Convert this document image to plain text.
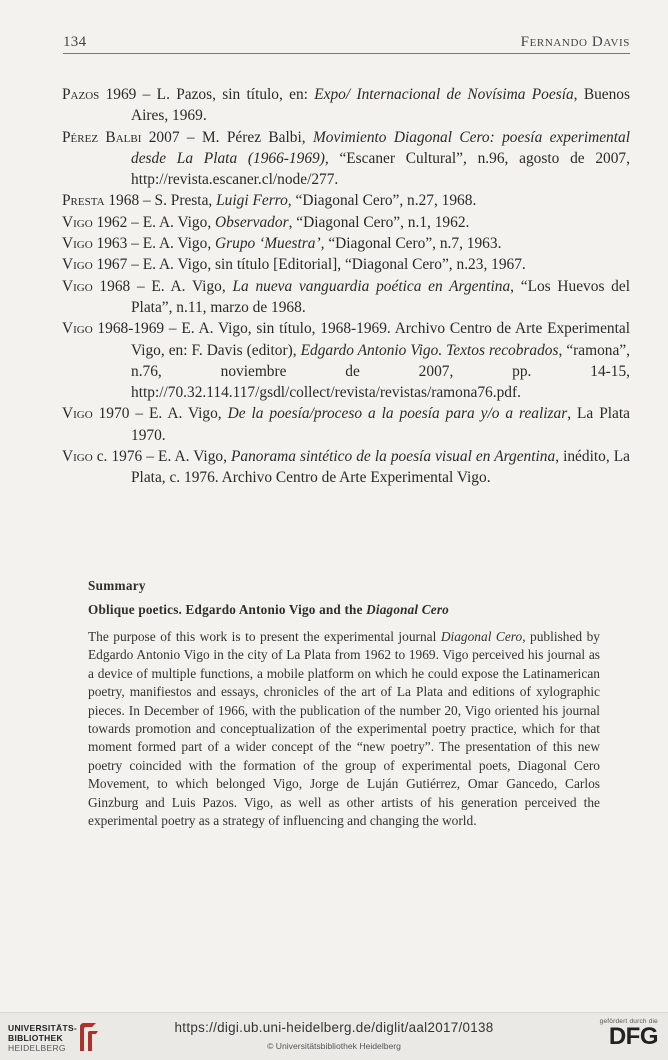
134	Fernando Davis

Pazos 1969 – L. Pazos, sin título, en: Expo/ Internacional de Novísima Poesía, Buenos Aires, 1969.

Pérez Balbi 2007 – M. Pérez Balbi, Movimiento Diagonal Cero: poesía experimental desde La Plata (1966-1969), “Escaner Cultural”, n.96, agosto de 2007, http://revista.escaner.cl/node/277.

Presta 1968 – S. Presta, Luigi Ferro, “Diagonal Cero”, n.27, 1968.

Vigo 1962 – E. A. Vigo, Observador, “Diagonal Cero”, n.1, 1962.

Vigo 1963 – E. A. Vigo, Grupo ‘Muestra’, “Diagonal Cero”, n.7, 1963.

Vigo 1967 – E. A. Vigo, sin título [Editorial], “Diagonal Cero”, n.23, 1967.

Vigo 1968 – E. A. Vigo, La nueva vanguardia poética en Argentina, “Los Huevos del Plata”, n.11, marzo de 1968.

Vigo 1968-1969 – E. A. Vigo, sin título, 1968-1969. Archivo Centro de Arte Experimental Vigo, en: F. Davis (editor), Edgardo Antonio Vigo. Textos recobrados, “ramona”, n.76, noviembre de 2007, pp. 14-15, http://70.32.114.117/gsdl/collect/revista/revistas/ramona76.pdf.

Vigo 1970 – E. A. Vigo, De la poesía/proceso a la poesía para y/o a realizar, La Plata 1970.

Vigo c. 1976 – E. A. Vigo, Panorama sintético de la poesía visual en Argentina, inédito, La Plata, c. 1976. Archivo Centro de Arte Experimental Vigo.

Summary

Oblique poetics. Edgardo Antonio Vigo and the Diagonal Cero

The purpose of this work is to present the experimental journal Diagonal Cero, published by Edgardo Antonio Vigo in the city of La Plata from 1962 to 1969. Vigo perceived his journal as a device of multiple functions, a mobile platform on which he could expose the Latinamerican poetry, manifiestos and essays, chronicles of the art of La Plata and editions of xylographic pieces. In December of 1966, with the publication of the number 20, Vigo oriented his journal towards promotion and conceptualization of the experimental poetry practice, which for that moment formed part of a wider concept of the “new poetry”. The presentation of this new poetry coincided with the formation of the group of experimental poets, Diagonal Cero Movement, to which belonged Vigo, Jorge de Luján Gutiérrez, Omar Gancedo, Carlos Ginzburg and Luis Pazos. Vigo, as well as other artists of his generation perceived the experimental poetry as a strategy of influencing and changing the world.

UNIVERSITÄTS-
BIBLIOTHEK
HEIDELBERG
https://digi.ub.uni-heidelberg.de/diglit/aal2017/0138
© Universitätsbibliothek Heidelberg
gefördert durch die
DFG
